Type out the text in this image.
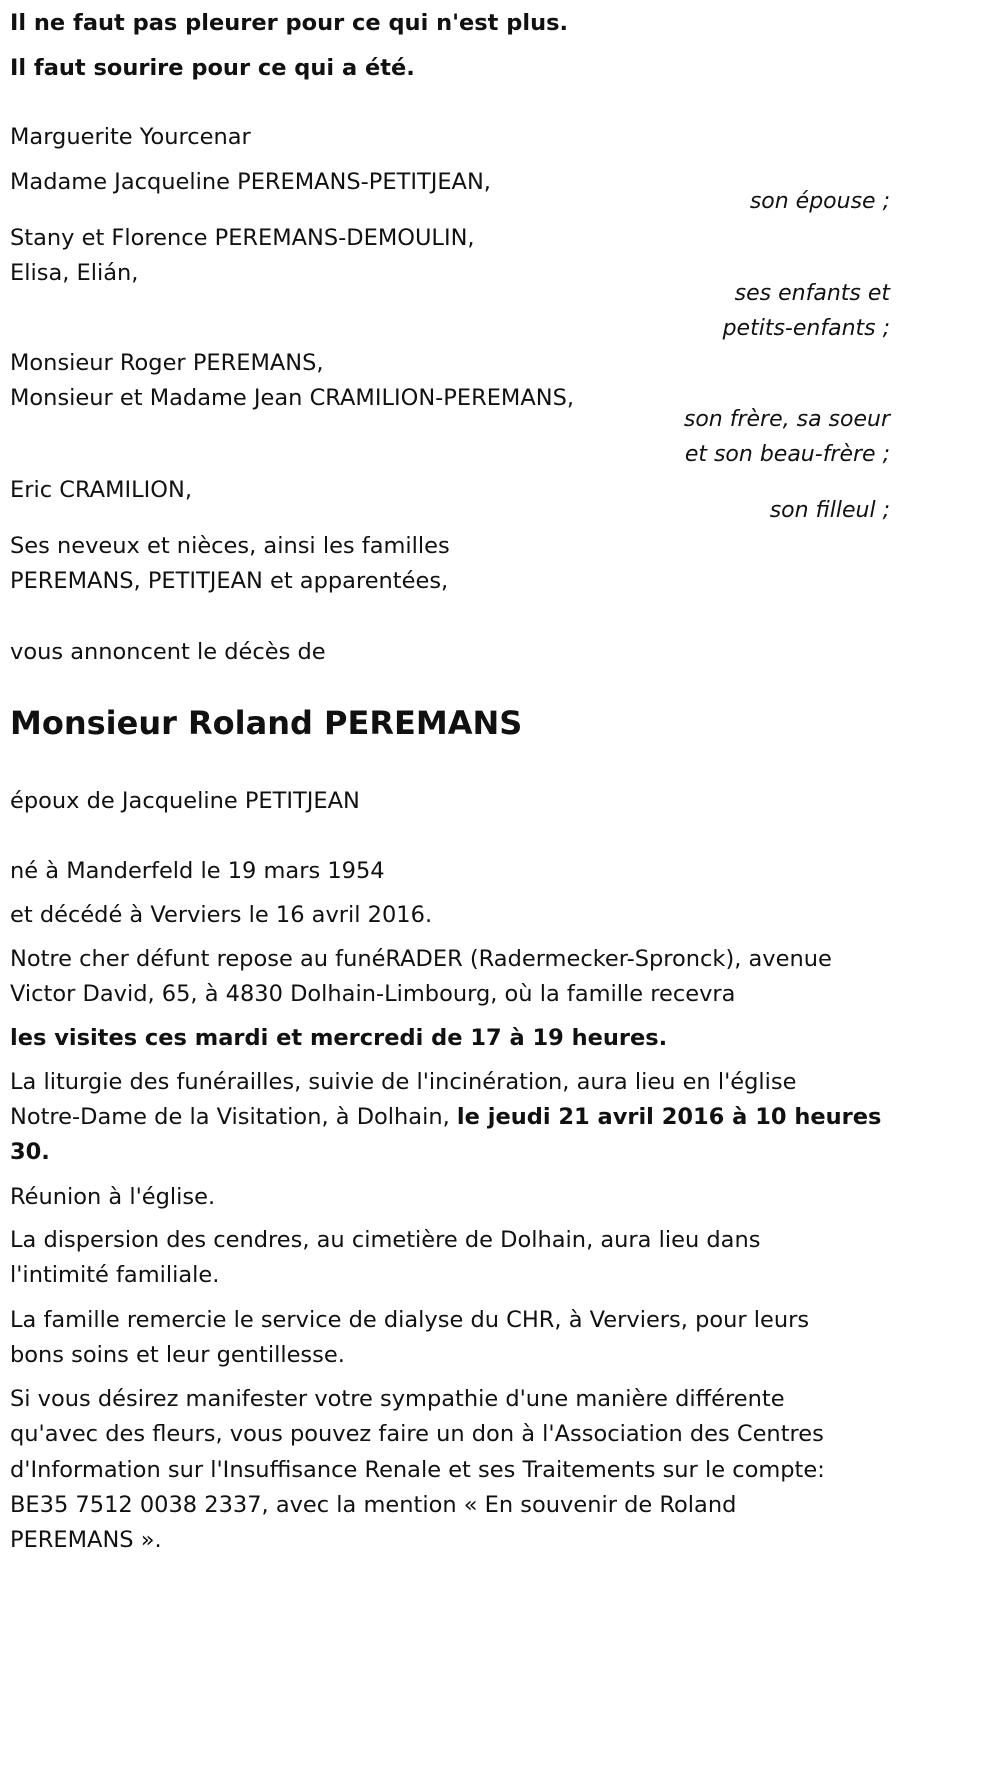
Il ne faut pas pleurer pour ce qui n'est plus.
Il faut sourire pour ce qui a été.
Marguerite Yourcenar
Madame Jacqueline PEREMANS-PETITJEAN,
son épouse ;
Stany et Florence PEREMANS-DEMOULIN,
Elisa, Elián,
ses enfants et
petits-enfants ;
Monsieur Roger PEREMANS,
Monsieur et Madame Jean CRAMILION-PEREMANS,
son frère, sa soeur
et son beau-frère ;
Eric CRAMILION,
son filleul ;
Ses neveux et nièces, ainsi les familles
PEREMANS, PETITJEAN et apparentées,
vous annoncent le décès de
Monsieur Roland PEREMANS
époux de Jacqueline PETITJEAN
né à Manderfeld le 19 mars 1954
et décédé à Verviers le 16 avril 2016.
Notre cher défunt repose au funéRADER (Radermecker-Spronck), avenue
Victor David, 65, à 4830 Dolhain-Limbourg, où la famille recevra
les visites ces mardi et mercredi de 17 à 19 heures.
La liturgie des funérailles, suivie de l'incinération, aura lieu en l'église
Notre-Dame de la Visitation, à Dolhain, le jeudi 21 avril 2016 à 10 heures
30.
Réunion à l'église.
La dispersion des cendres, au cimetière de Dolhain, aura lieu dans
l'intimité familiale.
La famille remercie le service de dialyse du CHR, à Verviers, pour leurs
bons soins et leur gentillesse.
Si vous désirez manifester votre sympathie d'une manière différente
qu'avec des fleurs, vous pouvez faire un don à l'Association des Centres
d'Information sur l'Insuffisance Renale et ses Traitements sur le compte:
BE35 7512 0038 2337, avec la mention « En souvenir de Roland
PEREMANS ».
